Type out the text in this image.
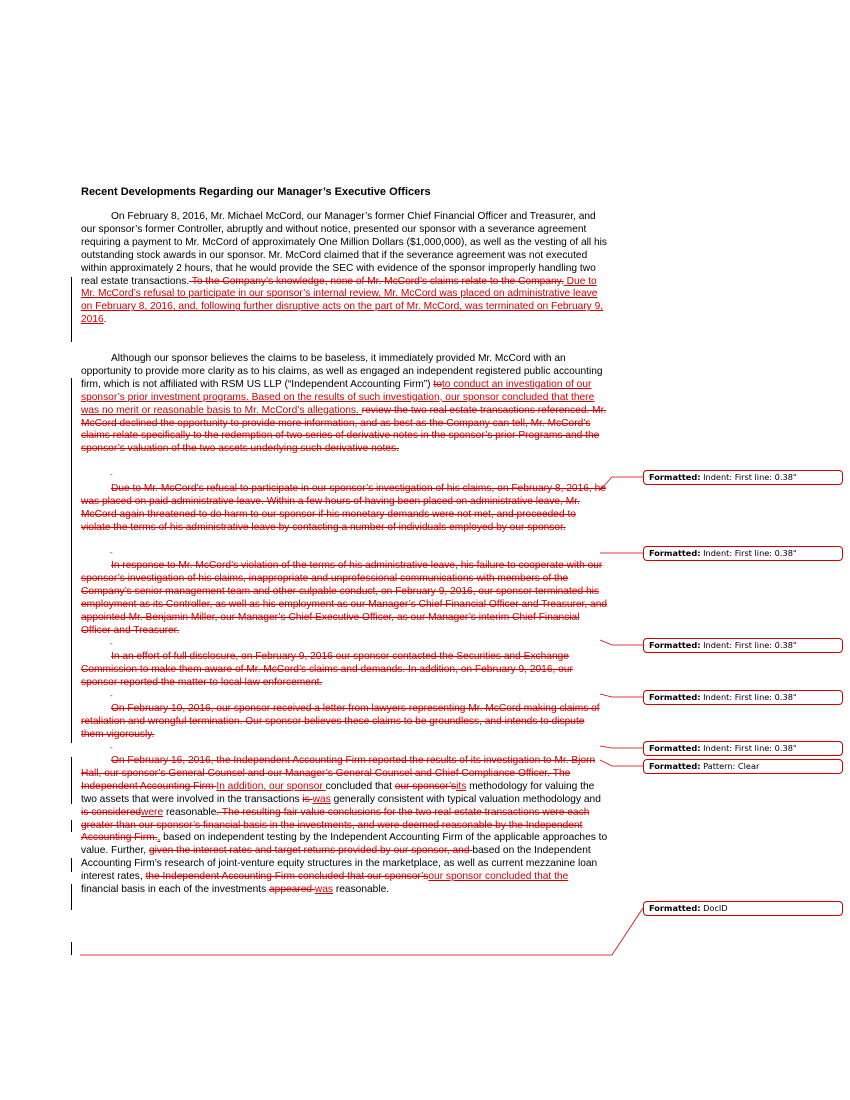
Recent Developments Regarding our Manager’s Executive Officers
On February 8, 2016, Mr. Michael McCord, our Manager’s former Chief Financial Officer and Treasurer, and our sponsor’s former Controller, abruptly and without notice, presented our sponsor with a severance agreement requiring a payment to Mr. McCord of approximately One Million Dollars ($1,000,000), as well as the vesting of all his outstanding stock awards in our sponsor. Mr. McCord claimed that if the severance agreement was not executed within approximately 2 hours, that he would provide the SEC with evidence of the sponsor improperly handling two real estate transactions. To the Company’s knowledge, none of Mr. McCord’s claims relate to the Company. Due to Mr. McCord’s refusal to participate in our sponsor’s internal review, Mr. McCord was placed on administrative leave on February 8, 2016, and, following further disruptive acts on the part of Mr. McCord, was terminated on February 9, 2016.
Although our sponsor believes the claims to be baseless, it immediately provided Mr. McCord with an opportunity to provide more clarity as to his claims, as well as engaged an independent registered public accounting firm, which is not affiliated with RSM US LLP (“Independent Accounting Firm”) toto conduct an investigation of our sponsor’s prior investment programs. Based on the results of such investigation, our sponsor concluded that there was no merit or reasonable basis to Mr. McCord’s allegations. review the two real estate transactions referenced. Mr. McCord declined the opportunity to provide more information, and as best as the Company can tell, Mr. McCord’s claims relate specifically to the redemption of two series of derivative notes in the sponsor’s prior Programs and the sponsor’s valuation of the two assets underlying such derivative notes.
-
Due to Mr. McCord’s refusal to participate in our sponsor’s investigation of his claims, on February 8, 2016, he was placed on paid administrative leave. Within a few hours of having been placed on administrative leave, Mr. McCord again threatened to do harm to our sponsor if his monetary demands were not met, and proceeded to violate the terms of his administrative leave by contacting a number of individuals employed by our sponsor.
-
In response to Mr. McCord’s violation of the terms of his administrative leave, his failure to cooperate with our sponsor’s investigation of his claims, inappropriate and unprofessional communications with members of the Company’s senior management team and other culpable conduct, on February 9, 2016, our sponsor terminated his employment as its Controller, as well as his employment as our Manager’s Chief Financial Officer and Treasurer, and appointed Mr. Benjamin Miller, our Manager’s Chief Executive Officer, as our Manager’s interim Chief Financial Officer and Treasurer.
-
In an effort of full disclosure, on February 9, 2016 our sponsor contacted the Securities and Exchange Commission to make them aware of Mr. McCord’s claims and demands. In addition, on February 9, 2016, our sponsor reported the matter to local law enforcement.
-
On February 10, 2016, our sponsor received a letter from lawyers representing Mr. McCord making claims of retaliation and wrongful termination. Our sponsor believes these claims to be groundless, and intends to dispute them vigorously.
-
On February 16, 2016, the Independent Accounting Firm reported the results of its investigation to Mr. Bjorn Hall, our sponsor’s General Counsel and our Manager’s General Counsel and Chief Compliance Officer. The Independent Accounting Firm In addition, our sponsor concluded that our sponsor’sits methodology for valuing the two assets that were involved in the transactions is was generally consistent with typical valuation methodology and is consideredwere reasonable. The resulting fair value conclusions for the two real estate transactions were each greater than our sponsor’s financial basis in the investments, and were deemed reasonable by the Independent Accounting Firm., based on independent testing by the Independent Accounting Firm of the applicable approaches to value. Further, given the interest rates and target returns provided by our sponsor, and based on the Independent Accounting Firm’s research of joint-venture equity structures in the marketplace, as well as current mezzanine loan interest rates, the Independent Accounting Firm concluded that our sponsor’sour sponsor concluded that the financial basis in each of the investments appeared was reasonable.
Formatted: Indent: First line: 0.38"
Formatted: Indent: First line: 0.38"
Formatted: Indent: First line: 0.38"
Formatted: Indent: First line: 0.38"
Formatted: Indent: First line: 0.38"
Formatted: Pattern: Clear
Formatted: DocID
